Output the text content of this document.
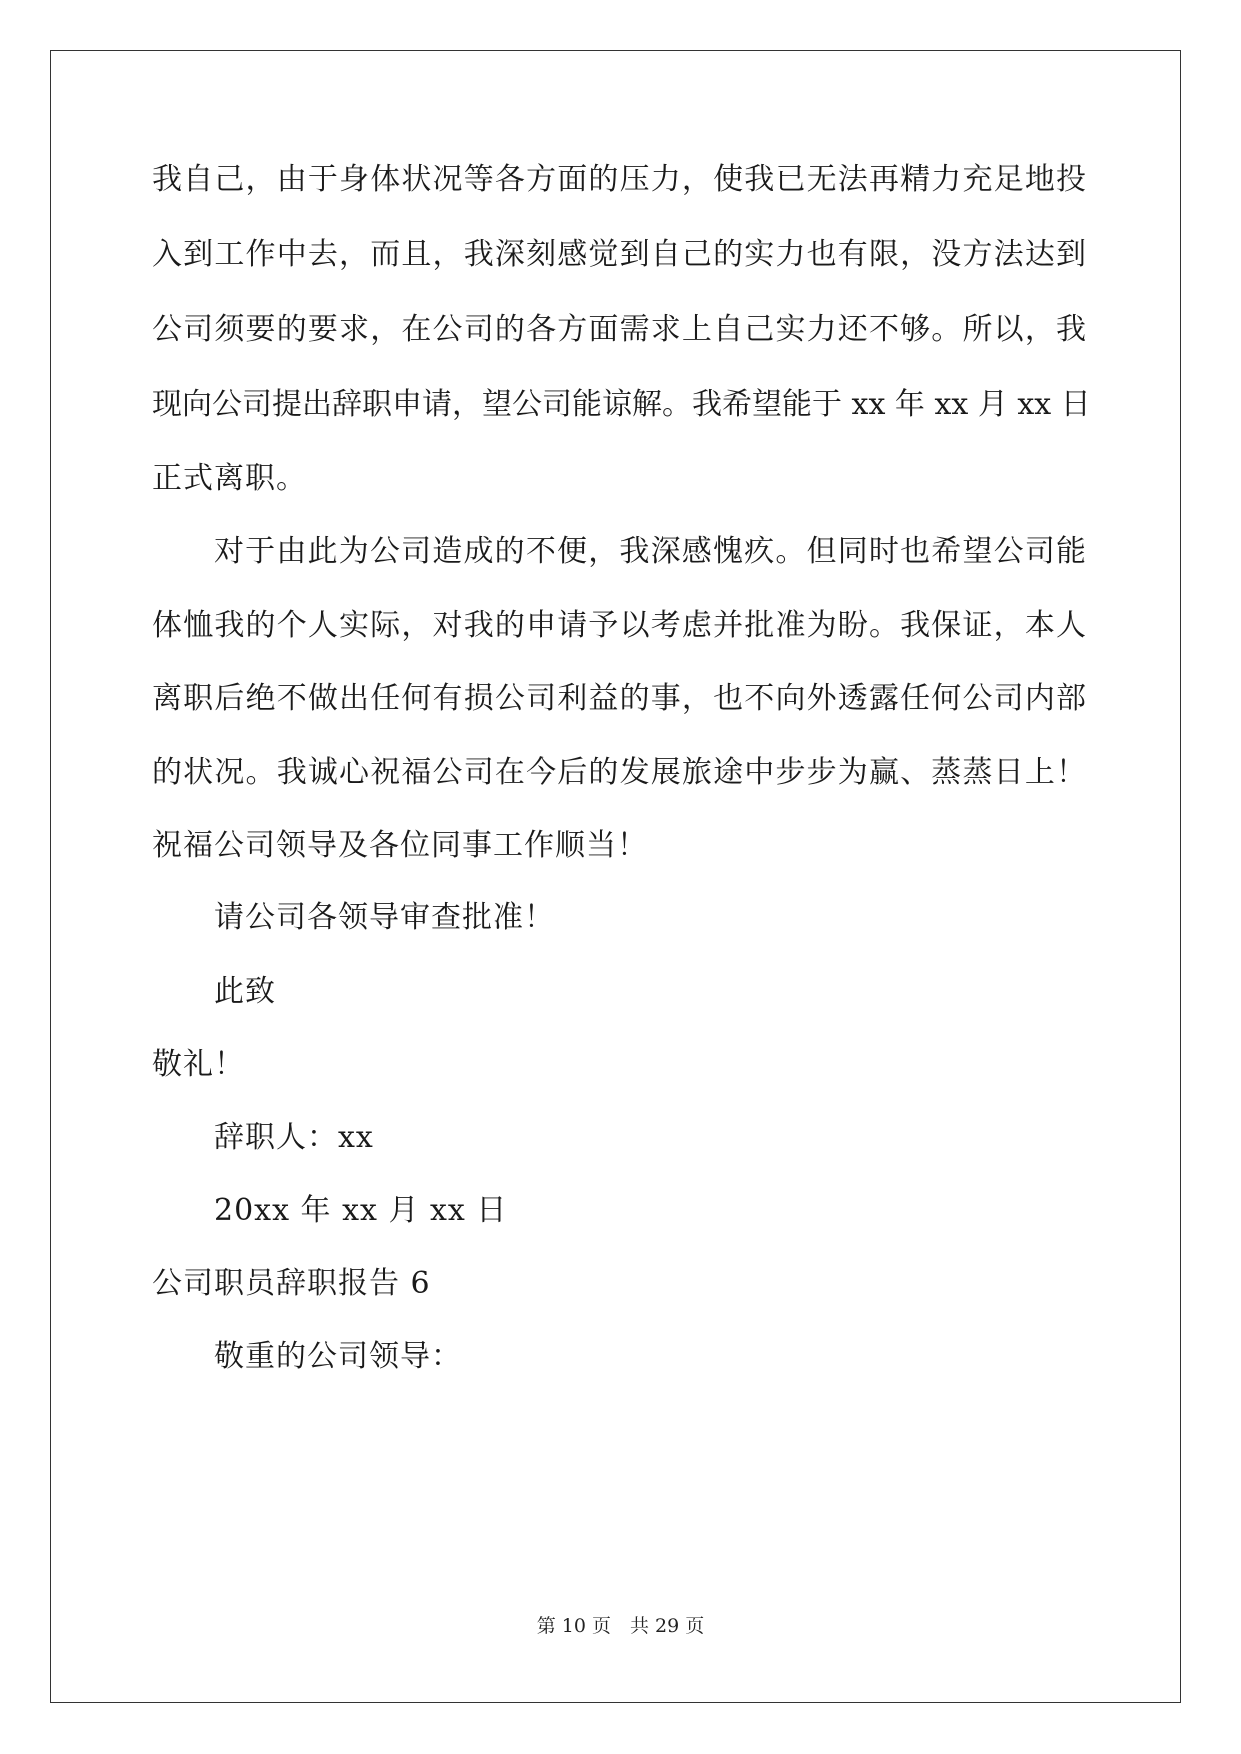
我自己，由于身体状况等各方面的压力，使我已无法再精力充足地投
入到工作中去，而且，我深刻感觉到自己的实力也有限，没方法达到
公司须要的要求，在公司的各方面需求上自己实力还不够。所以，我
现向公司提出辞职申请，望公司能谅解。我希望能于 xx 年 xx 月 xx 日
正式离职。
对于由此为公司造成的不便，我深感愧疚。但同时也希望公司能
体恤我的个人实际，对我的申请予以考虑并批准为盼。我保证，本人
离职后绝不做出任何有损公司利益的事，也不向外透露任何公司内部
的状况。我诚心祝福公司在今后的发展旅途中步步为赢、蒸蒸日上！
祝福公司领导及各位同事工作顺当！
请公司各领导审查批准！
此致
敬礼！
辞职人：xx
20xx 年 xx 月 xx 日
公司职员辞职报告 6
敬重的公司领导：
第 10 页　共 29 页
